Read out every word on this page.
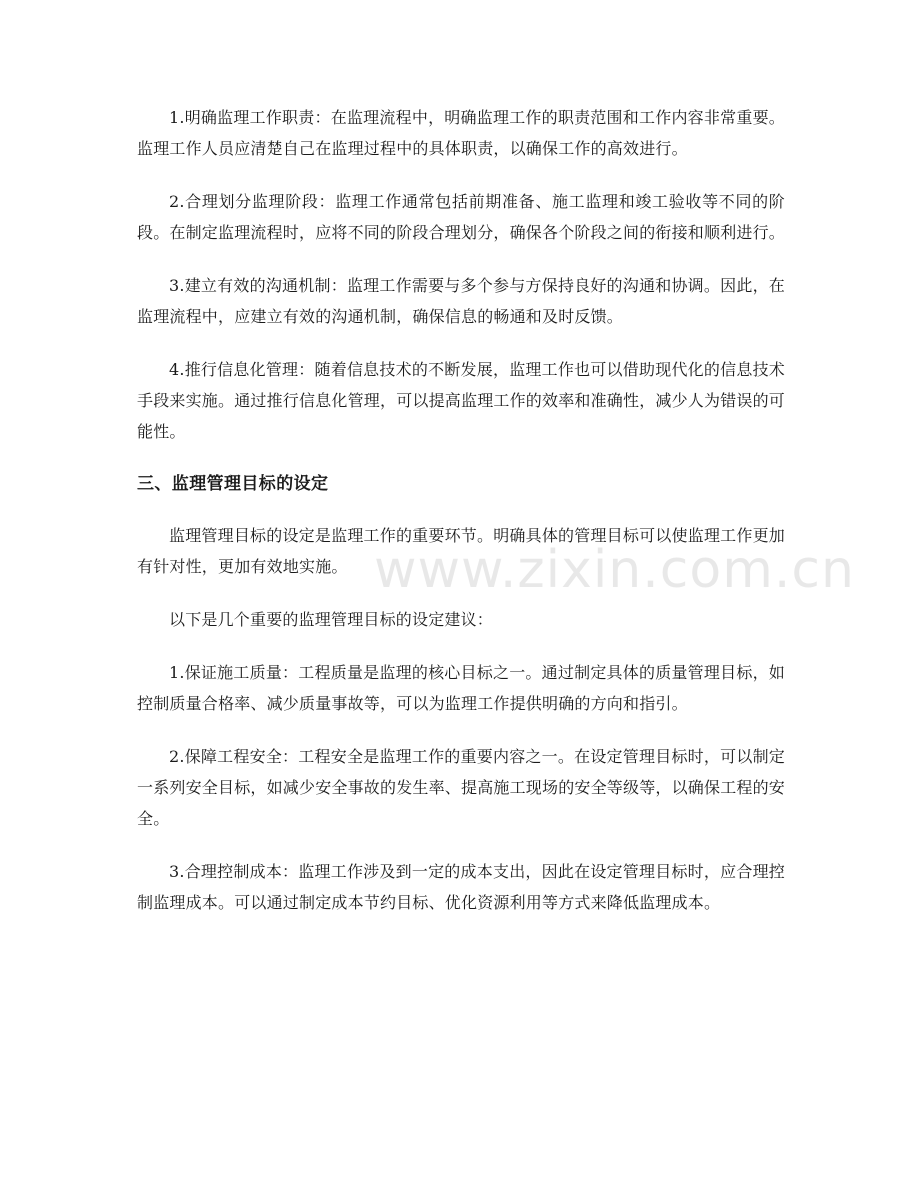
1.明确监理工作职责：在监理流程中，明确监理工作的职责范围和工作内容非常重要。监理工作人员应清楚自己在监理过程中的具体职责，以确保工作的高效进行。

2.合理划分监理阶段：监理工作通常包括前期准备、施工监理和竣工验收等不同的阶段。在制定监理流程时，应将不同的阶段合理划分，确保各个阶段之间的衔接和顺利进行。

3.建立有效的沟通机制：监理工作需要与多个参与方保持良好的沟通和协调。因此，在监理流程中，应建立有效的沟通机制，确保信息的畅通和及时反馈。

4.推行信息化管理：随着信息技术的不断发展，监理工作也可以借助现代化的信息技术手段来实施。通过推行信息化管理，可以提高监理工作的效率和准确性，减少人为错误的可能性。

三、监理管理目标的设定

监理管理目标的设定是监理工作的重要环节。明确具体的管理目标可以使监理工作更加有针对性，更加有效地实施。

以下是几个重要的监理管理目标的设定建议：

1.保证施工质量：工程质量是监理的核心目标之一。通过制定具体的质量管理目标，如控制质量合格率、减少质量事故等，可以为监理工作提供明确的方向和指引。

2.保障工程安全：工程安全是监理工作的重要内容之一。在设定管理目标时，可以制定一系列安全目标，如减少安全事故的发生率、提高施工现场的安全等级等，以确保工程的安全。

3.合理控制成本：监理工作涉及到一定的成本支出，因此在设定管理目标时，应合理控制监理成本。可以通过制定成本节约目标、优化资源利用等方式来降低监理成本。

www.zixin.com.cn
